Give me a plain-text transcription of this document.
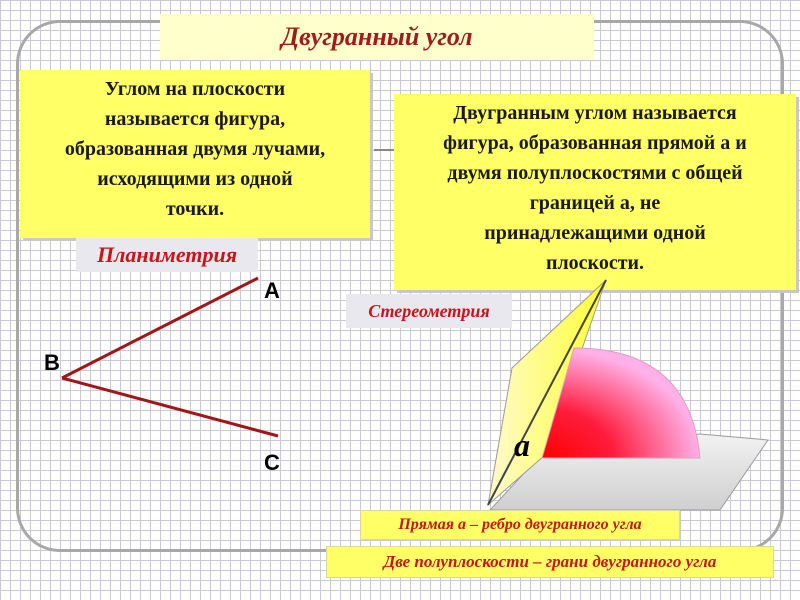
Двугранный угол
Углом на плоскости
называется фигура,
образованная двумя лучами,
исходящими из одной
точки.
Двугранным углом называется
фигура, образованная прямой а и
двумя полуплоскостями с общей
границей а, не
принадлежащими одной
плоскости.
a
Планиметрия
Стереометрия
A
B
C
Прямая а – ребро двугранного угла
Две полуплоскости – грани двугранного угла
